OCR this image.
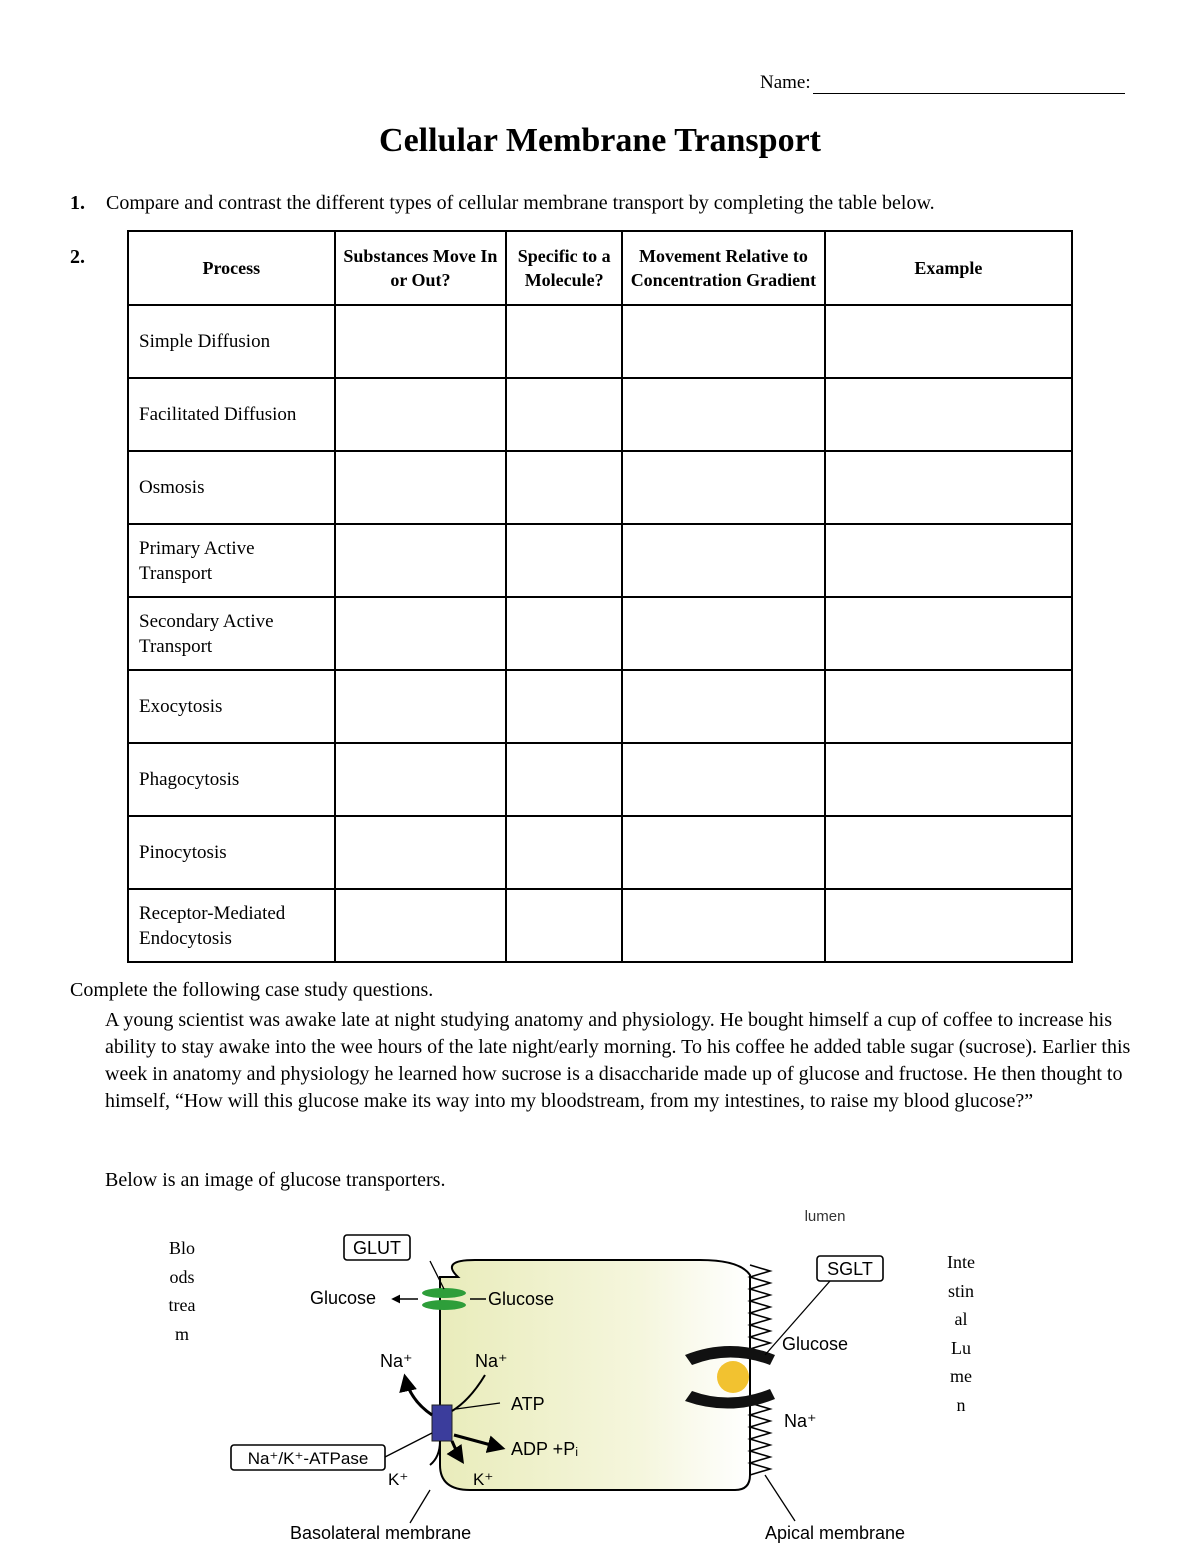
Name:
Cellular Membrane Transport
1. Compare and contrast the different types of cellular membrane transport by completing the table below.
2.	Process	Substances Move In or Out?	Specific to a Molecule?	Movement Relative to Concentration Gradient	Example
Simple Diffusion				
Facilitated Diffusion				
Osmosis				
Primary Active Transport				
Secondary Active Transport				
Exocytosis				
Phagocytosis				
Pinocytosis				
Receptor-Mediated Endocytosis				
Complete the following case study questions.
A young scientist was awake late at night studying anatomy and physiology. He bought himself a cup of coffee to increase his ability to stay awake into the wee hours of the late night/early morning. To his coffee he added table sugar (sucrose). Earlier this week in anatomy and physiology he learned how sucrose is a disaccharide made up of glucose and fructose. He then thought to himself, “How will this glucose make its way into my bloodstream, from my intestines, to raise my blood glucose?”
Below is an image of glucose transporters.
Blo
ods
trea
m
Inte
stin
al
Lu
me
n
lumen
GLUT
Glucose	Glucose
Na⁺	Na⁺
ATP
ADP +Pᵢ
K⁺	K⁺
Na⁺/K⁺-ATPase
SGLT
Glucose
Na⁺
Basolateral membrane	Apical membrane
